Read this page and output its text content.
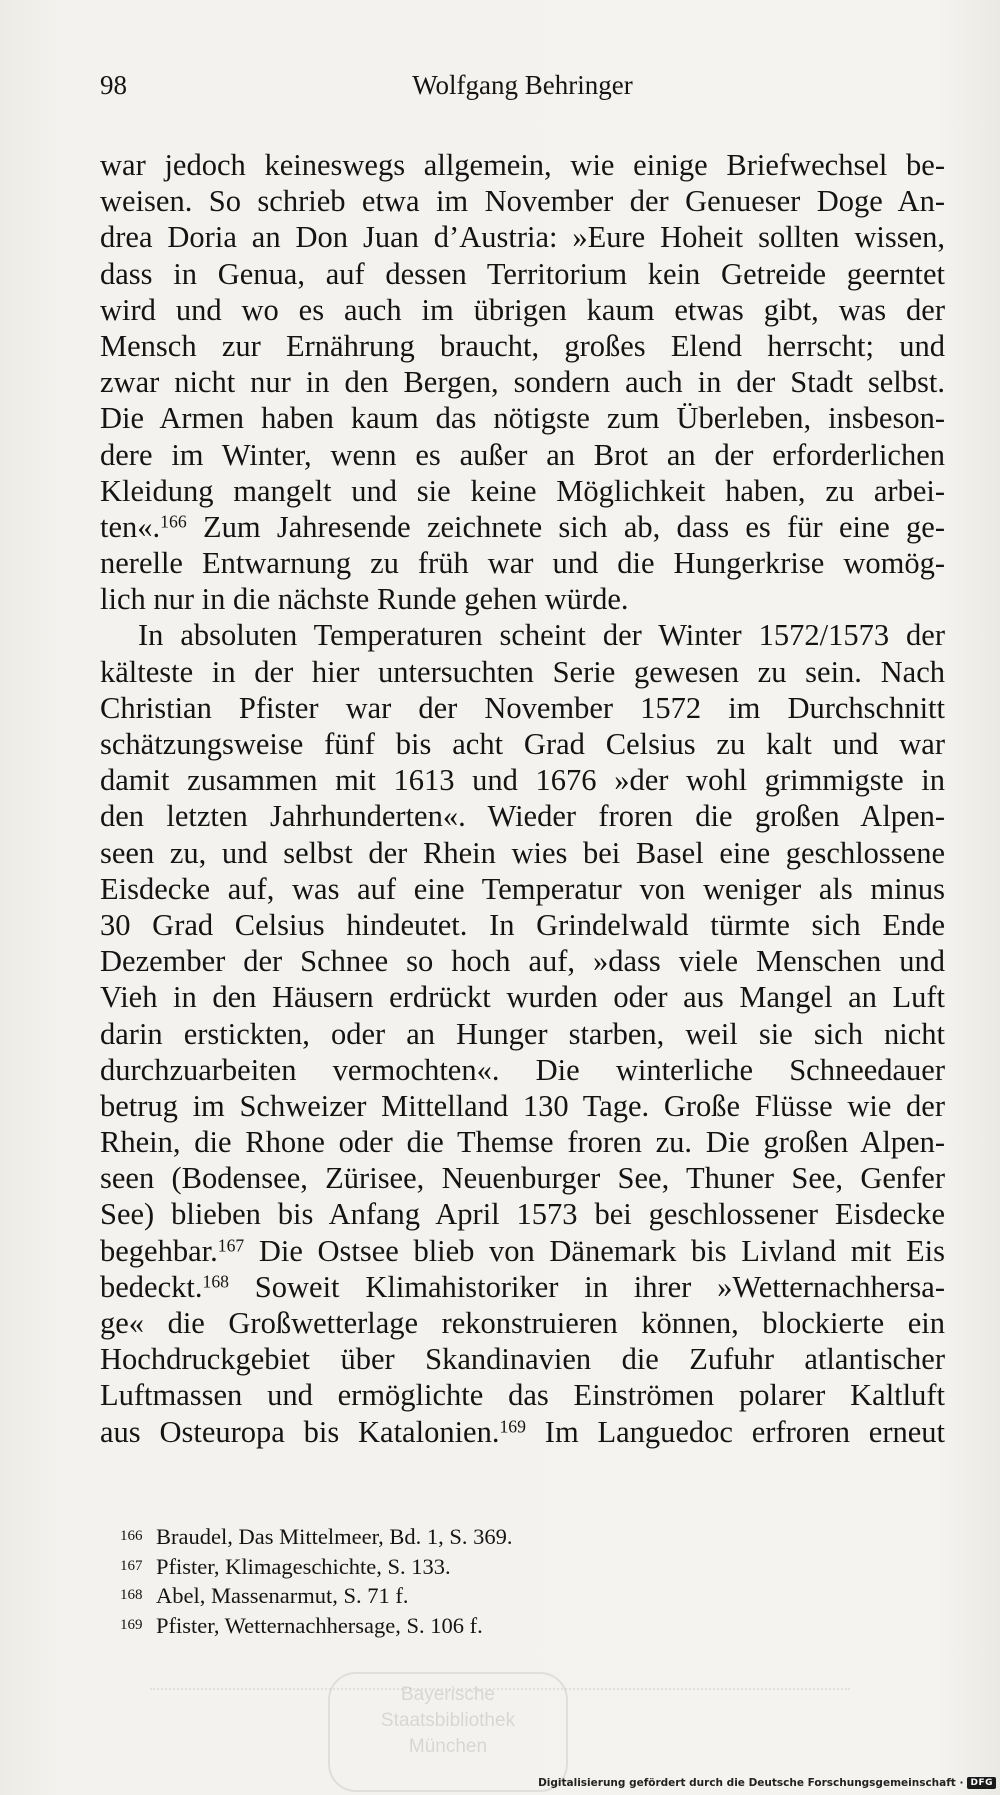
98	Wolfgang Behringer
war jedoch keineswegs allgemein, wie einige Briefwechsel be-
weisen. So schrieb etwa im November der Genueser Doge An-
drea Doria an Don Juan d’Austria: »Eure Hoheit sollten wissen,
dass in Genua, auf dessen Territorium kein Getreide geerntet
wird und wo es auch im übrigen kaum etwas gibt, was der
Mensch zur Ernährung braucht, großes Elend herrscht; und
zwar nicht nur in den Bergen, sondern auch in der Stadt selbst.
Die Armen haben kaum das nötigste zum Überleben, insbeson-
dere im Winter, wenn es außer an Brot an der erforderlichen
Kleidung mangelt und sie keine Möglichkeit haben, zu arbei-
ten«.$^{166}$ Zum Jahresende zeichnete sich ab, dass es für eine ge-
nerelle Entwarnung zu früh war und die Hungerkrise womög-
lich nur in die nächste Runde gehen würde.
In absoluten Temperaturen scheint der Winter 1572/1573 der
kälteste in der hier untersuchten Serie gewesen zu sein. Nach
Christian Pfister war der November 1572 im Durchschnitt
schätzungsweise fünf bis acht Grad Celsius zu kalt und war
damit zusammen mit 1613 und 1676 »der wohl grimmigste in
den letzten Jahrhunderten«. Wieder froren die großen Alpen-
seen zu, und selbst der Rhein wies bei Basel eine geschlossene
Eisdecke auf, was auf eine Temperatur von weniger als minus
30 Grad Celsius hindeutet. In Grindelwald türmte sich Ende
Dezember der Schnee so hoch auf, »dass viele Menschen und
Vieh in den Häusern erdrückt wurden oder aus Mangel an Luft
darin erstickten, oder an Hunger starben, weil sie sich nicht
durchzuarbeiten vermochten«. Die winterliche Schneedauer
betrug im Schweizer Mittelland 130 Tage. Große Flüsse wie der
Rhein, die Rhone oder die Themse froren zu. Die großen Alpen-
seen (Bodensee, Zürisee, Neuenburger See, Thuner See, Genfer
See) blieben bis Anfang April 1573 bei geschlossener Eisdecke
begehbar.$^{167}$ Die Ostsee blieb von Dänemark bis Livland mit Eis
bedeckt.$^{168}$ Soweit Klimahistoriker in ihrer »Wetternachhersa-
ge« die Großwetterlage rekonstruieren können, blockierte ein
Hochdruckgebiet über Skandinavien die Zufuhr atlantischer
Luftmassen und ermöglichte das Einströmen polarer Kaltluft
aus Osteuropa bis Katalonien.$^{169}$ Im Languedoc erfroren erneut
166 Braudel, Das Mittelmeer, Bd. 1, S. 369.
167 Pfister, Klimageschichte, S. 133.
168 Abel, Massenarmut, S. 71 f.
169 Pfister, Wetternachhersage, S. 106 f.
Bayerische
Staatsbibliothek
München
Digitalisierung gefördert durch die Deutsche Forschungsgemeinschaft · DFG
